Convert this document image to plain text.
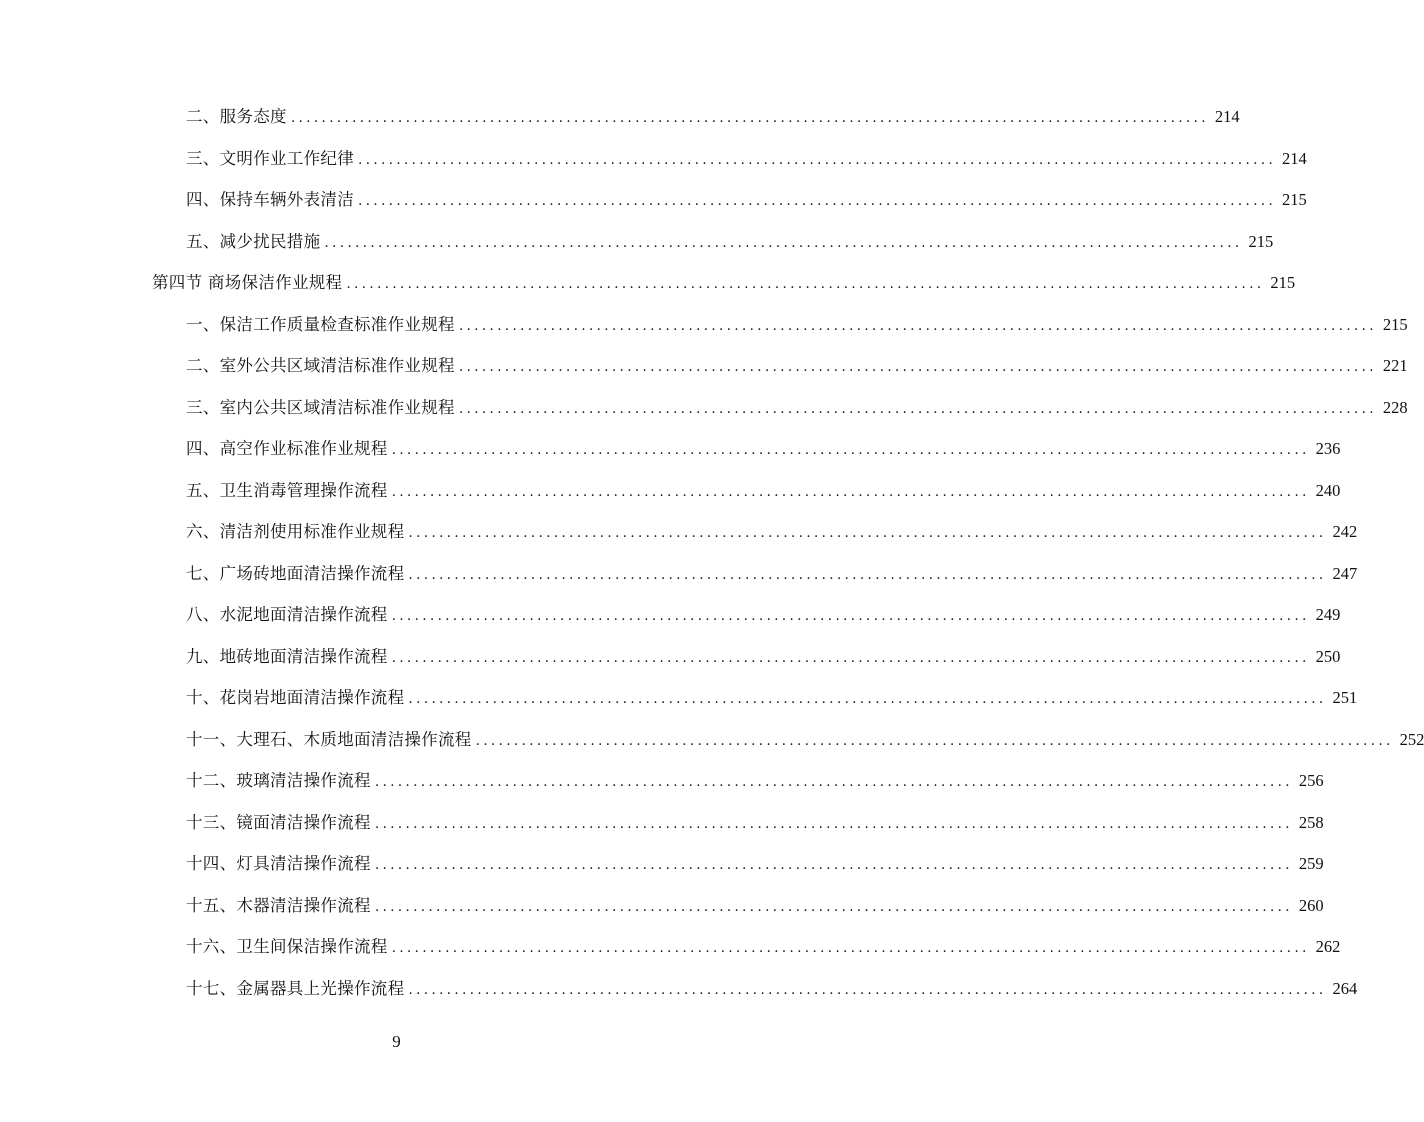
二、服务态度 ........................................................................................................................ 214
三、文明作业工作纪律 ........................................................................................................................ 214
四、保持车辆外表清洁 ........................................................................................................................ 215
五、减少扰民措施 ........................................................................................................................ 215
第四节 商场保洁作业规程 ........................................................................................................................ 215
一、保洁工作质量检查标准作业规程 ........................................................................................................................ 215
二、室外公共区域清洁标准作业规程 ........................................................................................................................ 221
三、室内公共区域清洁标准作业规程 ........................................................................................................................ 228
四、高空作业标准作业规程 ........................................................................................................................ 236
五、卫生消毒管理操作流程 ........................................................................................................................ 240
六、清洁剂使用标准作业规程 ........................................................................................................................ 242
七、广场砖地面清洁操作流程 ........................................................................................................................ 247
八、水泥地面清洁操作流程 ........................................................................................................................ 249
九、地砖地面清洁操作流程 ........................................................................................................................ 250
十、花岗岩地面清洁操作流程 ........................................................................................................................ 251
十一、大理石、木质地面清洁操作流程 ........................................................................................................................ 252
十二、玻璃清洁操作流程 ........................................................................................................................ 256
十三、镜面清洁操作流程 ........................................................................................................................ 258
十四、灯具清洁操作流程 ........................................................................................................................ 259
十五、木器清洁操作流程 ........................................................................................................................ 260
十六、卫生间保洁操作流程 ........................................................................................................................ 262
十七、金属器具上光操作流程 ........................................................................................................................ 264
9
